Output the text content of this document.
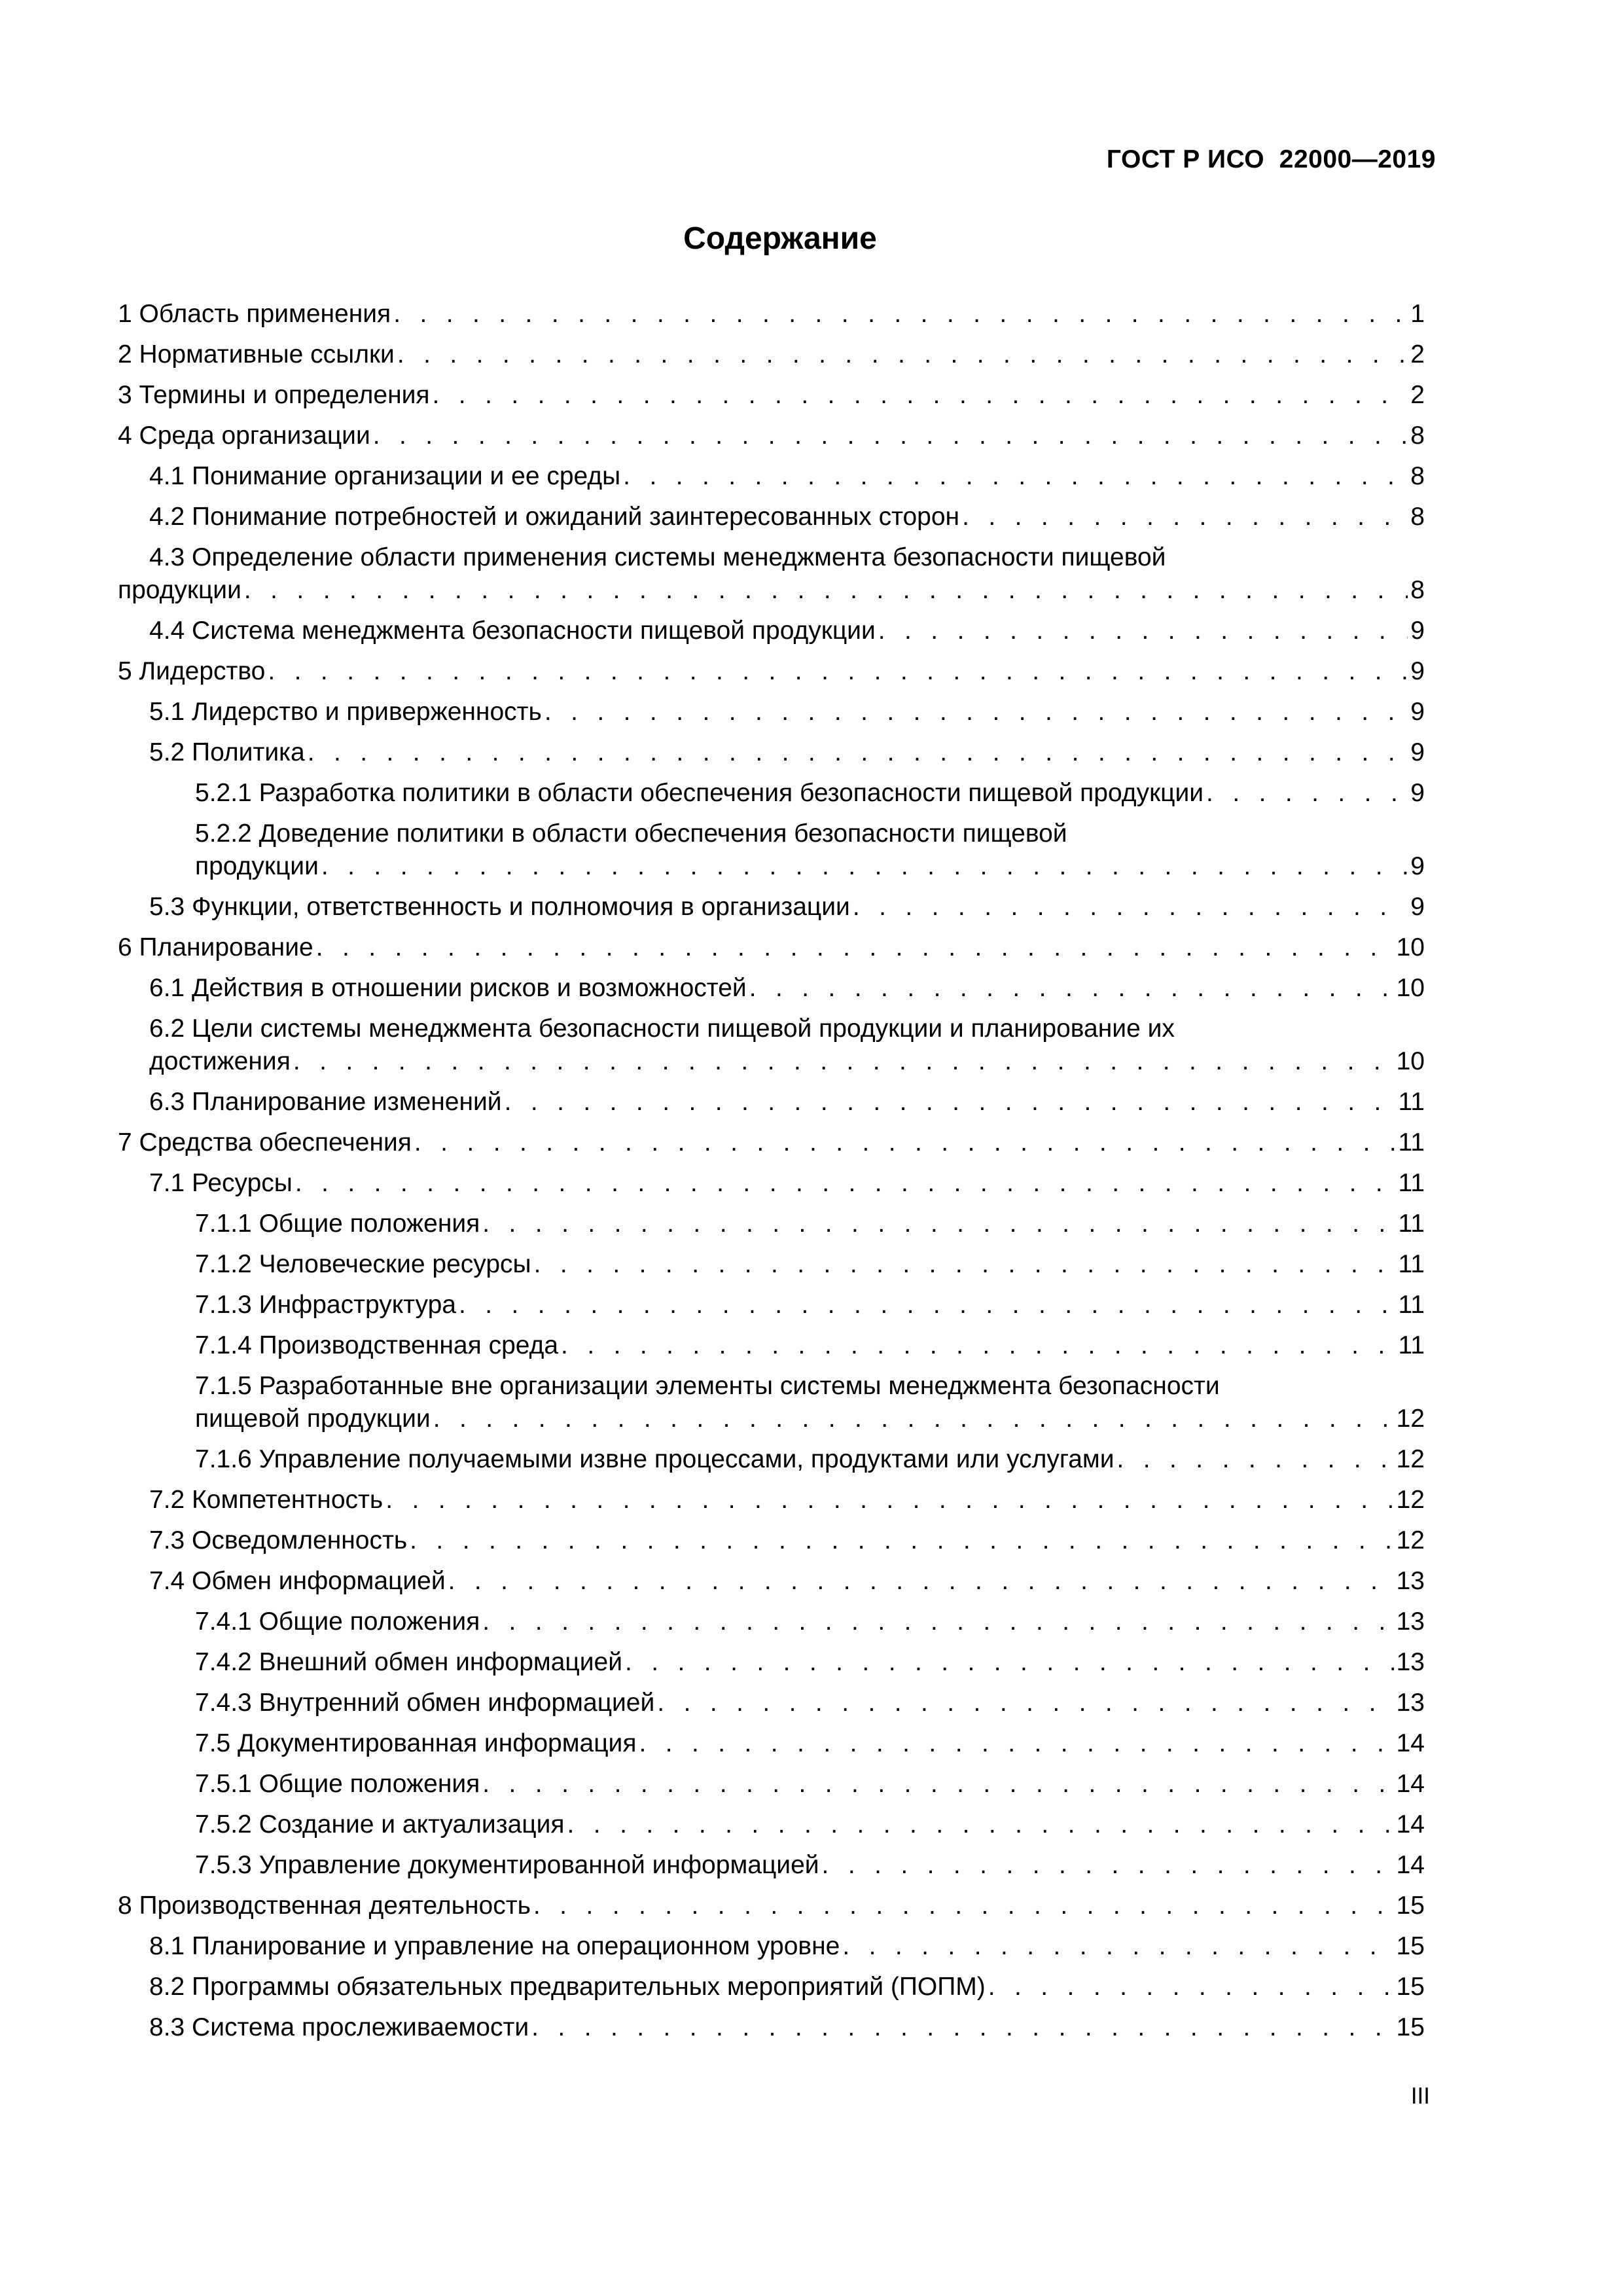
ГОСТ Р ИСО  22000—2019
Содержание
1 Область применения . . .	1
2 Нормативные ссылки . . .	2
3 Термины и определения . . .	2
4 Среда организации . . .	8
4.1 Понимание организации и ее среды . . .	8
4.2 Понимание потребностей и ожиданий заинтересованных сторон . . .	8
4.3 Определение области применения системы менеджмента безопасности пищевой
продукции . . .	8
4.4 Система менеджмента безопасности пищевой продукции . . .	9
5 Лидерство . . .	9
5.1 Лидерство и приверженность . . .	9
5.2 Политика . . .	9
5.2.1 Разработка политики в области обеспечения безопасности пищевой продукции . . .	9
5.2.2 Доведение политики в области обеспечения безопасности пищевой
продукции . . .	9
5.3 Функции, ответственность и полномочия в организации . . .	9
6 Планирование . . .	10
6.1 Действия в отношении рисков и возможностей . . .	10
6.2 Цели системы менеджмента безопасности пищевой продукции и планирование их
достижения . . .	10
6.3 Планирование изменений . . .	11
7 Средства обеспечения . . .	11
7.1 Ресурсы . . .	11
7.1.1 Общие положения . . .	11
7.1.2 Человеческие ресурсы . . .	11
7.1.3 Инфраструктура . . .	11
7.1.4 Производственная среда . . .	11
7.1.5 Разработанные вне организации элементы системы менеджмента безопасности
пищевой продукции . . .	12
7.1.6 Управление получаемыми извне процессами, продуктами или услугами . . .	12
7.2 Компетентность . . .	12
7.3 Осведомленность . . .	12
7.4 Обмен информацией . . .	13
7.4.1 Общие положения . . .	13
7.4.2 Внешний обмен информацией . . .	13
7.4.3 Внутренний обмен информацией . . .	13
7.5 Документированная информация . . .	14
7.5.1 Общие положения . . .	14
7.5.2 Создание и актуализация . . .	14
7.5.3 Управление документированной информацией . . .	14
8 Производственная деятельность . . .	15
8.1 Планирование и управление на операционном уровне . . .	15
8.2 Программы обязательных предварительных мероприятий (ПОПМ) . . .	15
8.3 Система прослеживаемости . . .	15
III
